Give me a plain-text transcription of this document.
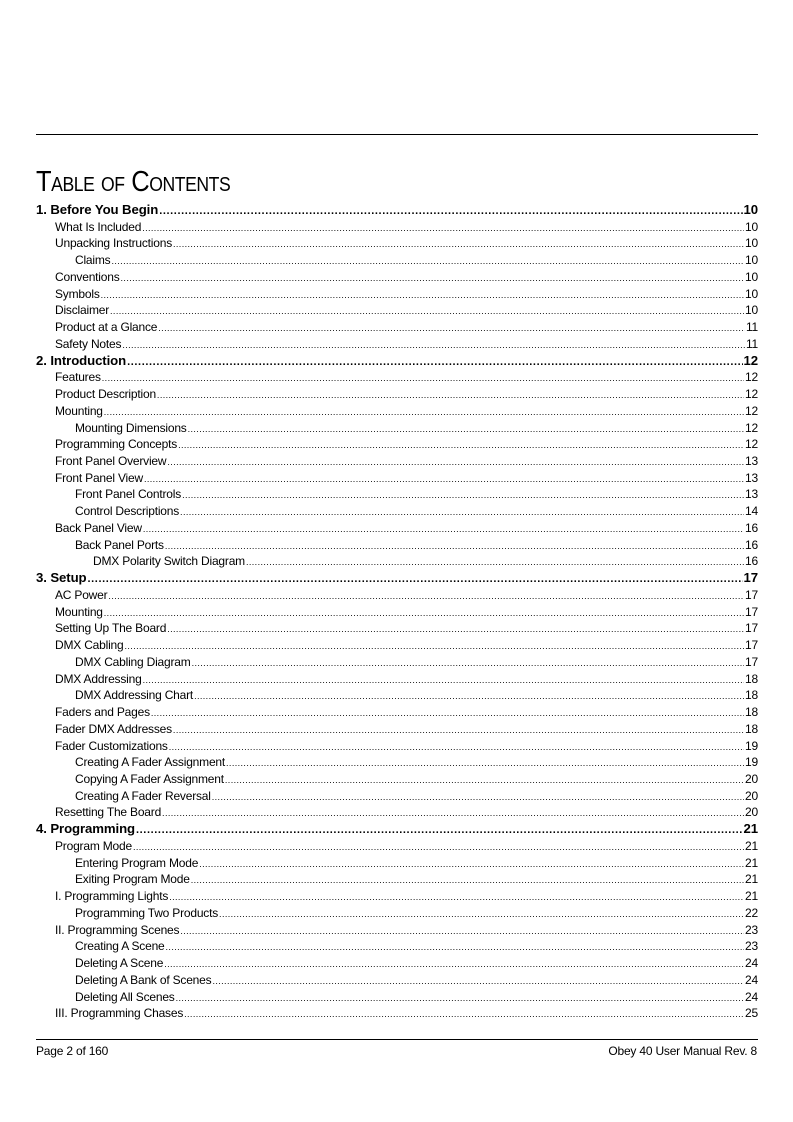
Table of Contents
1. Before You Begin .....	10
What Is Included .....	10
Unpacking Instructions .....	10
Claims .....	10
Conventions .....	10
Symbols .....	10
Disclaimer .....	10
Product at a Glance .....	11
Safety Notes .....	11
2. Introduction .....	12
Features .....	12
Product Description .....	12
Mounting .....	12
Mounting Dimensions .....	12
Programming Concepts .....	12
Front Panel Overview .....	13
Front Panel View .....	13
Front Panel Controls .....	13
Control Descriptions .....	14
Back Panel View .....	16
Back Panel Ports .....	16
DMX Polarity Switch Diagram .....	16
3. Setup .....	17
AC Power .....	17
Mounting .....	17
Setting Up The Board .....	17
DMX Cabling .....	17
DMX Cabling Diagram .....	17
DMX Addressing .....	18
DMX Addressing Chart .....	18
Faders and Pages .....	18
Fader DMX Addresses .....	18
Fader Customizations .....	19
Creating A Fader Assignment .....	19
Copying A Fader Assignment .....	20
Creating A Fader Reversal .....	20
Resetting The Board .....	20
4. Programming .....	21
Program Mode .....	21
Entering Program Mode .....	21
Exiting Program Mode .....	21
I. Programming Lights .....	21
Programming Two Products .....	22
II. Programming Scenes .....	23
Creating A Scene .....	23
Deleting A Scene .....	24
Deleting A Bank of Scenes .....	24
Deleting All Scenes .....	24
III. Programming Chases .....	25
Page 2 of 160	Obey 40 User Manual Rev. 8
